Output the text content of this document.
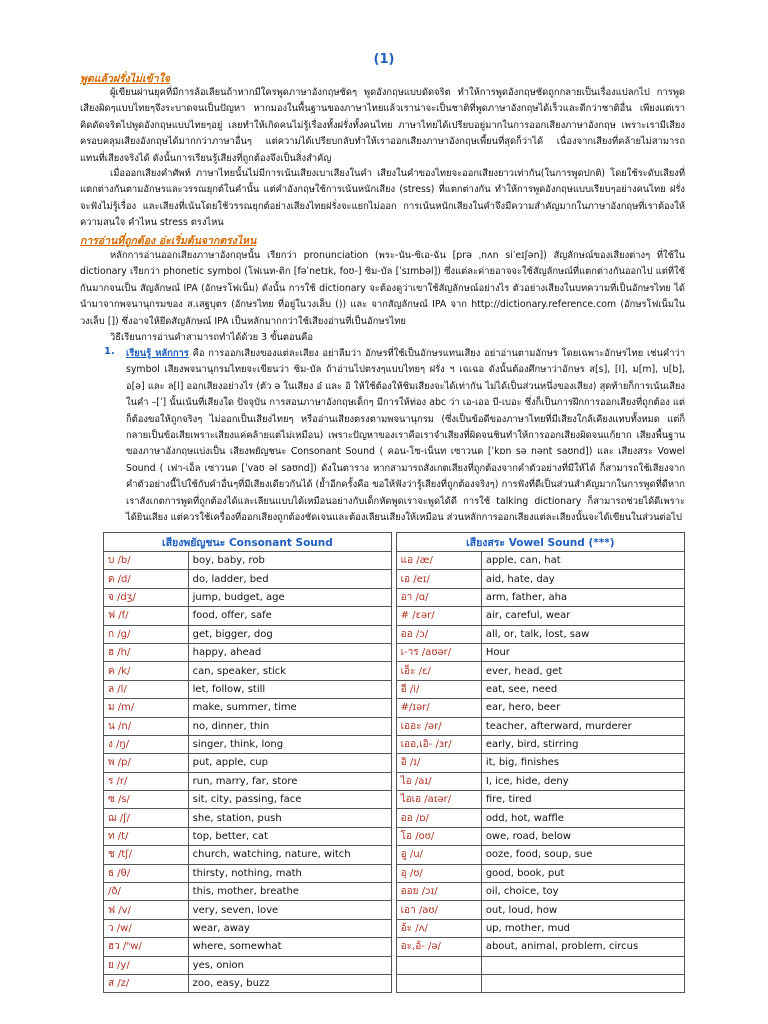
(1)
พูดแล้วฝรั่งไม่เข้าใจ
ผู้เขียนผ่านยุคที่มีการล้อเลียนถ้าหากมีใครพูดภาษาอังกฤษชัดๆ พูดอังกฤษแบบดัดจริต ทำให้การพูดอังกฤษชัดถูกกลายเป็นเรื่องแปลกไป การพูดเสียงผิดๆแบบไทยๆจึงระบาดจนเป็นปัญหา หากมองในพื้นฐานของภาษาไทยแล้วเราน่าจะเป็นชาติที่พูดภาษาอังกฤษได้เร็วและดีกว่าชาติอื่น เพียงแต่เราคิดดัดจริตไปพูดอังกฤษแบบไทยๆอยู่ เลยทำให้เกิดคนไม่รู้เรื่องทั้งฝรั่งทั้งคนไทย ภาษาไทยได้เปรียบอยู่มากในการออกเสียงภาษาอังกฤษ เพราะเรามีเสียงครอบคลุมเสียงอังกฤษได้มากกว่าภาษาอื่นๆ แต่ความได้เปรียบกลับทำให้เราออกเสียงภาษาอังกฤษเพี้ยนที่สุดก็ว่าได้ เนื่องจากเสียงที่คล้ายไม่สามารถแทนที่เสียงจริงได้ ดังนั้นการเรียนรู้เสียงที่ถูกต้องจึงเป็นสิ่งสำคัญ
เมื่อออกเสียงคำศัพท์ ภาษาไทยนั้นไม่มีการเน้นเสียงเบาเสียงในคำ เสียงในคำของไทยจะออกเสียงยาวเท่ากัน(ในการพูดปกติ) โดยใช้ระดับเสียงที่แตกต่างกันตามอักษรและวรรณยุกต์ในคำนั้น แต่คำอังกฤษใช้การเน้นหนักเสียง (stress) ที่แตกต่างกัน ทำให้การพูดอังกฤษแบบเรียบๆอย่างคนไทย ฝรั่งจะฟังไม่รู้เรื่อง และเสียงที่เน้นโดยใช้วรรณยุกต์อย่างเสียงไทยฝรั่งจะแยกไม่ออก การเน้นหนักเสียงในคำจึงมีความสำคัญมากในภาษาอังกฤษที่เราต้องให้ความสนใจ คำไหน stress ตรงไหน
การอ่านที่ถูกต้อง อ่ะเริ่มต้นจากตรงไหน
หลักการอ่านออกเสียงภาษาอังกฤษนั้น เรียกว่า pronunciation (พระ-นัน-ซิเอ-ฉัน [prə ˌnʌn siˈeɪʃən]) สัญลักษณ์ของเสียงต่างๆ ที่ใช้ใน dictionary เรียกว่า phonetic symbol (โฟเนท-ติก [fəˈnetɪk, foʊ-] ซิม-บัล [ˈsɪmbəl]) ซึ่งแต่ละค่ายอาจจะใช้สัญลักษณ์ที่แตกต่างกันออกไป แต่ที่ใช้กันมากจนเป็น สัญลักษณ์ IPA (อักษรโฟเน็ม) ดังนั้น การใช้ dictionary จะต้องดูว่าเขาใช้สัญลักษณ์อย่างไร ตัวอย่างเสียงในบทความที่เป็นอักษรไทย ได้นำมาจากพจนานุกรมของ ส.เสฐบุตร (อักษรไทย ที่อยู่ในวงเล็บ ()) และ จากสัญลักษณ์ IPA จาก http://dictionary.reference.com (อักษรโฟเน็มในวงเล็บ []) ซึ่งอาจให้ยึดสัญลักษณ์ IPA เป็นหลักมากกว่าใช้เสียงอ่านที่เป็นอักษรไทย
วิธีเรียนการอ่านคำสามารถทำได้ด้วย 3 ขั้นตอนคือ
1. เรียนรู้ หลักการ คือ การออกเสียงของแต่ละเสียง อย่าลืมว่า อักษรที่ใช้เป็นอักษรแทนเสียง อย่าอ่านตามอักษร โดยเฉพาะอักษรไทย เช่นคำว่า symbol เสียงพจนานุกรมไทยจะเขียนว่า ซิม-บัล ถ้าอ่านไปตรงๆแบบไทยๆ ฝรั่ง ฯ เฉเฉอ ดังนั้นต้องศึกษาว่าอักษร ส[s], [I], ม[m], บ[b], อ[ə] และ ล[l] ออกเสียงอย่างไร (ตัว ə ในเสียง อ๋ และ อิ ให้ใช้ต้องให้ชิมเสียงจะได้เท่ากัน ไม่ได้เป็นส่วนหนึ่งของเสียง) สุดท้ายก็การเน้นเสียงในคำ –[ˈ] นั้นเน้นที่เสียงใด ปัจจุบัน การสอนภาษาอังกฤษเด็กๆ มีการให้ท่อง abc ว่า เอ-เออ บี-เบอะ ซึ่งก็เป็นการฝึกการออกเสียงที่ถูกต้อง แต่ก็ต้องขอให้ถูกจริงๆ ไม่ออกเป็นเสียงไทยๆ หรืออ่านเสียงตรงตามพจนานุกรม (ซึ่งเป็นข้อดีของภาษาไทยที่มีเสียงใกล้เคียงแทบทั้งหมด แต่ก็กลายเป็นข้อเสียเพราะเสียงแค่คล้ายแต่ไม่เหมือน) เพราะปัญหาของเราคือเราจำเสียงที่ผิดจนชินทำให้การออกเสียงผิดจนแก้ยาก เสียงพื้นฐานของภาษาอังกฤษแบ่งเป็น เสียงพยัญชนะ Consonant Sound ( คอน-โซ-เน็นท เซาวนด [ˈkɒn sə nənt saʊnd]) และ เสียงสระ Vowel Sound ( เฟา-เอ็ล เซาวนด [ˈvaʊ əl saʊnd]) ดังในตาราง หากสามารถสังเกตเสียงที่ถูกต้องจากคำตัวอย่างที่มีให้ได้ ก็สามารถใช้เสียงจากคำตัวอย่างนี้ไปใช้กับคำอื่นๆที่มีเสียงเดียวกันได้ (ย้ำอีกครั้งคือ ขอให้ฟังว่ารู้เสียงที่ถูกต้องจริงๆ) การฟังที่ดีเป็นส่วนสำคัญมากในการพูดที่ดีหากเราสังเกตการพูดที่ถูกต้องได้และเลียนแบบได้เหมือนอย่างกับเด็กหัดพูดเราจะพูดได้ดี การใช้ talking dictionary ก็สามารถช่วยได้ดีเพราะได้ยินเสียง แต่ควรใช้เครื่องที่ออกเสียงถูกต้องชัดเจนและต้องเลียนเสียงให้เหมือน ส่วนหลักการออกเสียงแต่ละเสียงนั้นจะได้เขียนในส่วนต่อไป
เสียงพยัญชนะ Consonant Sound			เสียงสระ Vowel Sound (***)	
บ /b/	boy, baby, rob		แอ /æ/	apple, can, hat
ด /d/	do, ladder, bed		เอ /eɪ/	aid, hate, day
จ /dʒ/	jump, budget, age		อา /ɑ/	arm, father, aha
ฟ /f/	food, offer, safe		# /ɛər/	air, careful, wear
ก /g/	get, bigger, dog		ออ /ɔ/	all, or, talk, lost, saw
ฮ /h/	happy, ahead		เ-าร /aʊər/	Hour
ค /k/	can, speaker, stick		เอ็ะ /ɛ/	ever, head, get
ล /l/	let, follow, still		อี /i/	eat, see, need
ม /m/	make, summer, time		#/ɪər/	ear, hero, beer
น /n/	no, dinner, thin		เออะ /ər/	teacher, afterward, murderer
ง /ŋ/	singer, think, long		เออ,เอิ- /ɜr/	early, bird, stirring
พ /p/	put, apple, cup		อิ /ɪ/	it, big, finishes
ร /r/	run, marry, far, store		ไอ /aɪ/	I, ice, hide, deny
ซ /s/	sit, city, passing, face		ไอเอ /aɪər/	fire, tired
ฌ /ʃ/	she, station, push		ออ /ɒ/	odd, hot, waffle
ท /t/	top, better, cat		โอ /oʊ/	owe, road, below
ช /tʃ/	church, watching, nature, witch		อู /u/	ooze, food, soup, sue
ธ /θ/	thirsty, nothing, math		อุ /ʊ/	good, book, put
/ð/	this, mother, breathe		ออย /ɔɪ/	oil, choice, toy
ฟ /v/	very, seven, love		เอา /aʊ/	out, loud, how
ว /w/	wear, away		อ้ะ /ʌ/	up, mother, mud
ฮว /ʰw/	where, somewhat		อะ,อ้- /ə/	about, animal, problem, circus
ย /y/	yes, onion			
ส /z/	zoo, easy, buzz			
